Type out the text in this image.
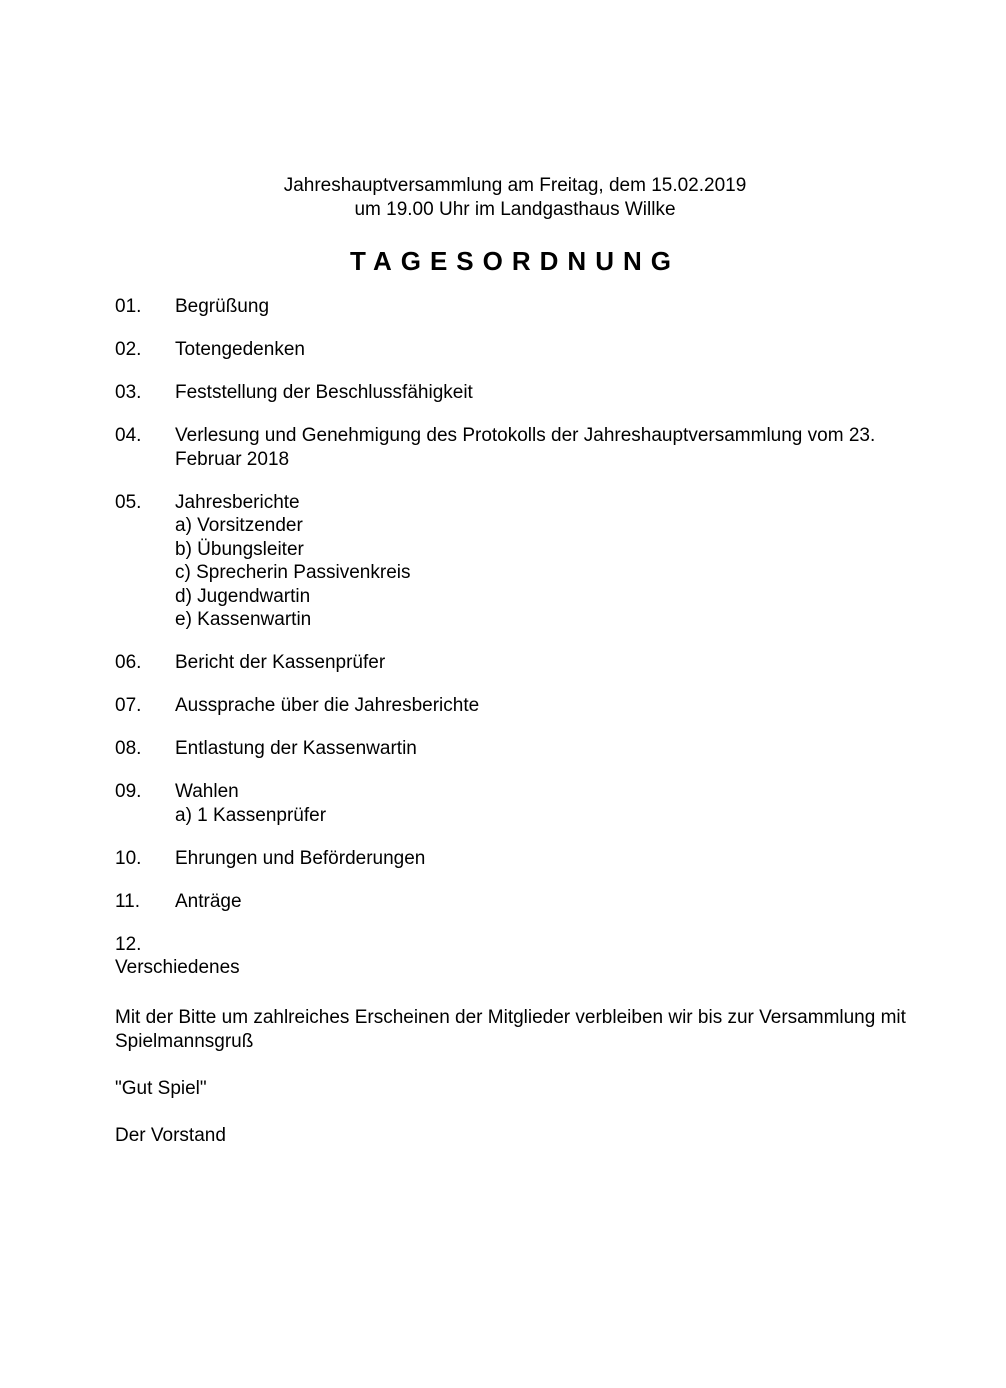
Jahreshauptversammlung am Freitag, dem 15.02.2019
um 19.00 Uhr im Landgasthaus Willke
TAGESORDNUNG
01.	Begrüßung
02.	Totengedenken
03.	Feststellung der Beschlussfähigkeit
04.	Verlesung und Genehmigung des Protokolls der Jahreshauptversammlung vom 23. Februar 2018
05.	Jahresberichte
a) Vorsitzender
b) Übungsleiter
c) Sprecherin Passivenkreis
d) Jugendwartin
e) Kassenwartin
06.	Bericht der Kassenprüfer
07.	Aussprache über die Jahresberichte
08.	Entlastung der Kassenwartin
09.	Wahlen
a) 1 Kassenprüfer
10.	Ehrungen und Beförderungen
11.	Anträge
12.
Verschiedenes

Mit der Bitte um zahlreiches Erscheinen der Mitglieder verbleiben wir bis zur Versammlung mit Spielmannsgruß

"Gut Spiel"

Der Vorstand
